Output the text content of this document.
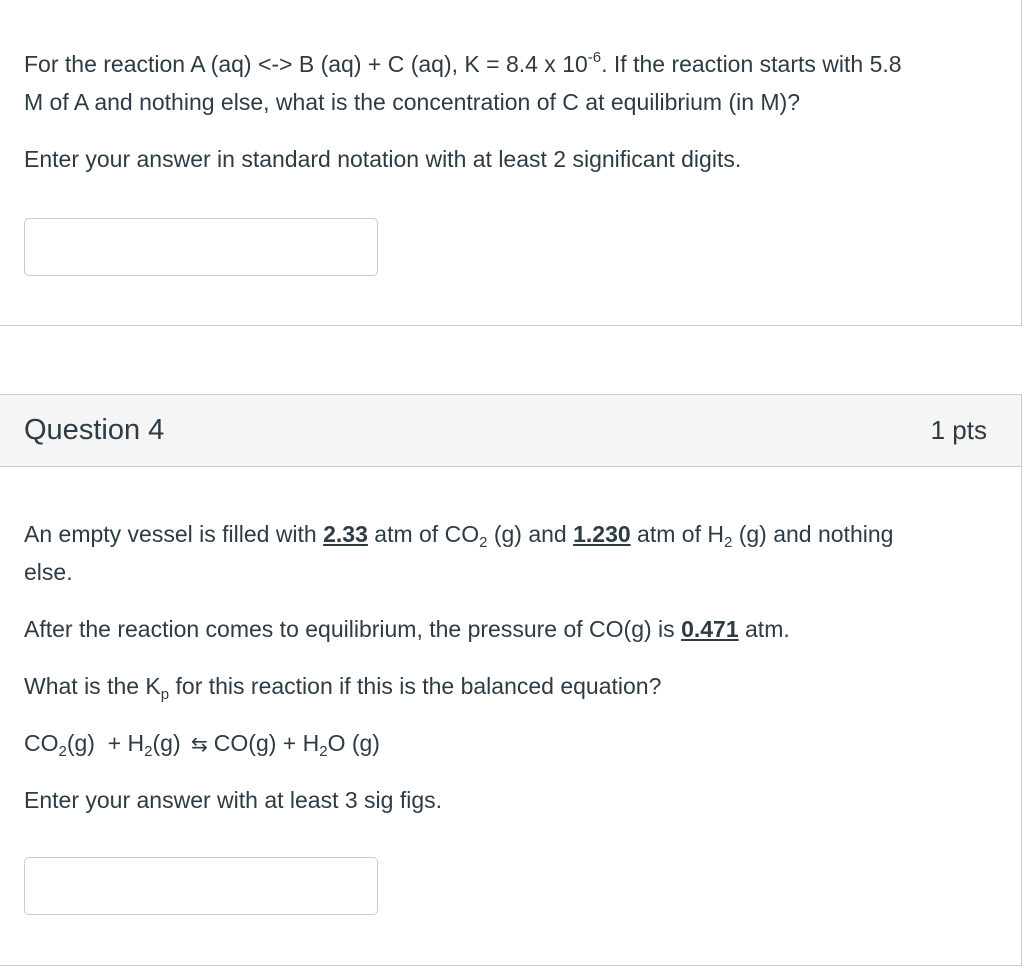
For the reaction A (aq) <-> B (aq) + C (aq), K = 8.4 x $10^{-6}$. If the reaction starts with 5.8
M of A and nothing else, what is the concentration of C at equilibrium (in M)?
Enter your answer in standard notation with at least 2 significant digits.
Question 4	1 pts
An empty vessel is filled with 2.33 atm of $CO_2$ (g) and 1.230 atm of $H_2$ (g) and nothing
else.
After the reaction comes to equilibrium, the pressure of CO(g) is 0.471 atm.
What is the $K_p$ for this reaction if this is the balanced equation?
$CO_2(g) + H_2(g)$ ⇆ $CO(g) + H_2O$ (g)
Enter your answer with at least 3 sig figs.
